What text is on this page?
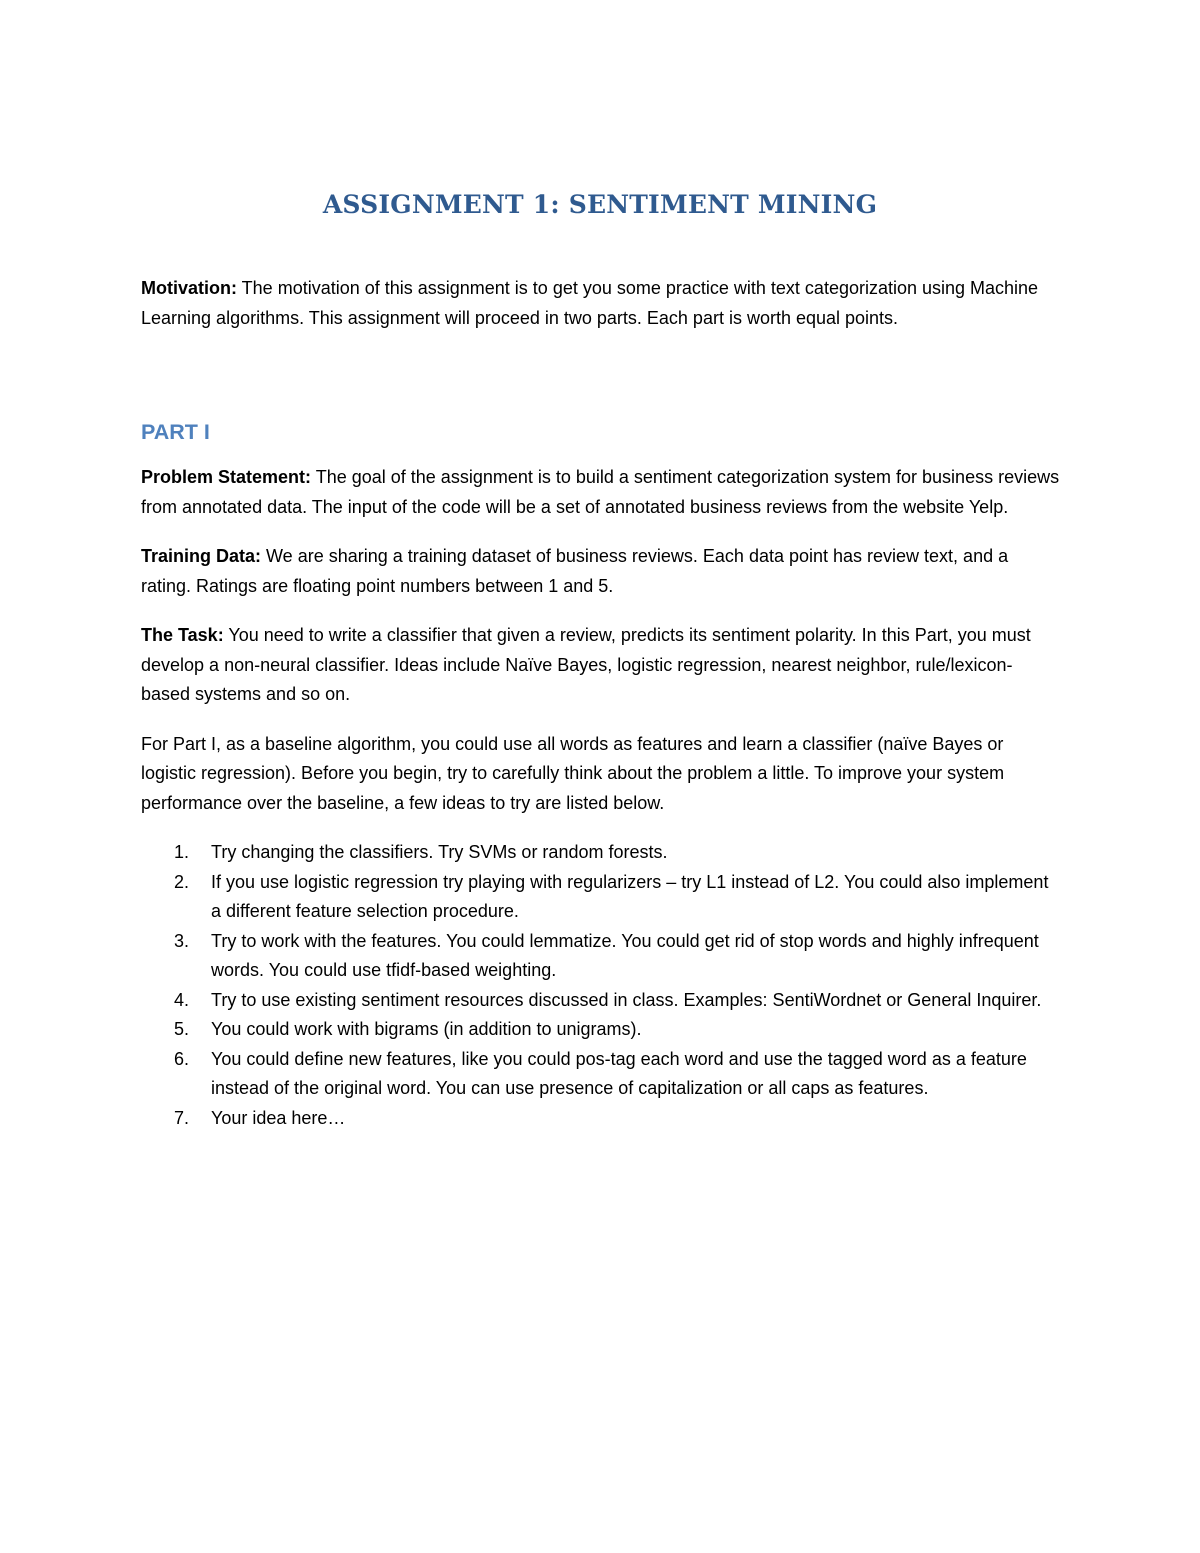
ASSIGNMENT 1: SENTIMENT MINING

Motivation: The motivation of this assignment is to get you some practice with text categorization using Machine Learning algorithms. This assignment will proceed in two parts. Each part is worth equal points.

PART I

Problem Statement: The goal of the assignment is to build a sentiment categorization system for business reviews from annotated data. The input of the code will be a set of annotated business reviews from the website Yelp.

Training Data: We are sharing a training dataset of business reviews. Each data point has review text, and a rating. Ratings are floating point numbers between 1 and 5.

The Task: You need to write a classifier that given a review, predicts its sentiment polarity. In this Part, you must develop a non-neural classifier. Ideas include Naïve Bayes, logistic regression, nearest neighbor, rule/lexicon-based systems and so on.

For Part I, as a baseline algorithm, you could use all words as features and learn a classifier (naïve Bayes or logistic regression). Before you begin, try to carefully think about the problem a little. To improve your system performance over the baseline, a few ideas to try are listed below.

1.	Try changing the classifiers. Try SVMs or random forests.
2.	If you use logistic regression try playing with regularizers – try L1 instead of L2. You could also implement a different feature selection procedure.
3.	Try to work with the features. You could lemmatize. You could get rid of stop words and highly infrequent words. You could use tfidf-based weighting.
4.	Try to use existing sentiment resources discussed in class. Examples: SentiWordnet or General Inquirer.
5.	You could work with bigrams (in addition to unigrams).
6.	You could define new features, like you could pos-tag each word and use the tagged word as a feature instead of the original word. You can use presence of capitalization or all caps as features.
7.	Your idea here…
